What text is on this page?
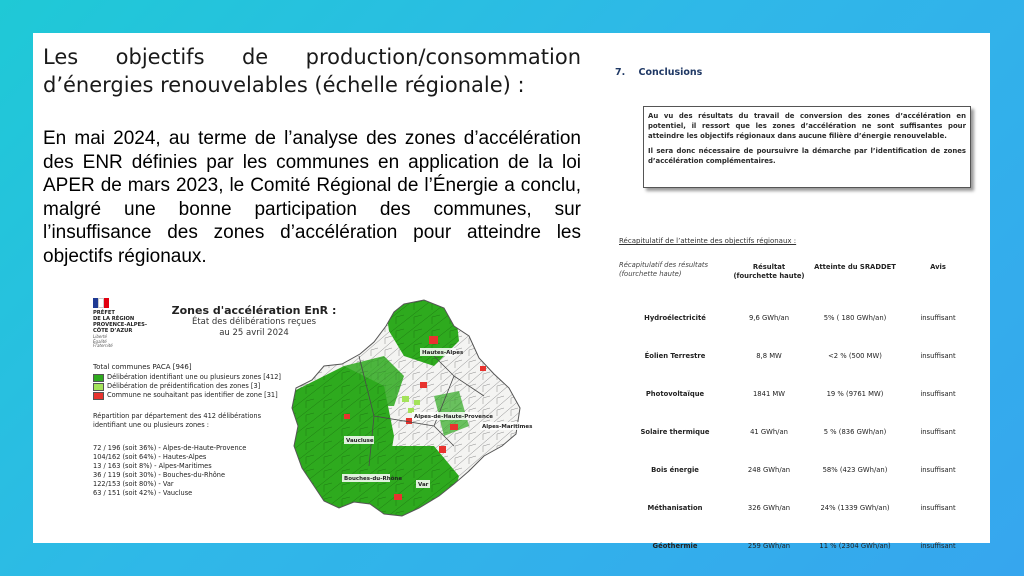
Les objectifs de production/consommation d’énergies renouvelables (échelle régionale) :
En mai 2024, au terme de l’analyse des zones d’accélération des ENR définies par les communes en application de la loi APER de mars 2023, le Comité Régional de l’Énergie a conclu, malgré une bonne participation des communes, sur l’insuffisance des zones d’accélération pour atteindre les objectifs régionaux.
PRÉFET
DE LA RÉGION
PROVENCE-ALPES-
CÔTE D’AZUR
Liberté
Égalité
Fraternité
Zones d'accélération EnR :
État des délibérations reçues
au 25 avril 2024
Total communes PACA [946]
Délibération identifiant une ou plusieurs zones [412]
Délibération de préidentification des zones [3]
Commune ne souhaitant pas identifier de zone [31]
Répartition par département des 412 délibérations identifiant une ou plusieurs zones :
72 / 196 (soit 36%) - Alpes-de-Haute-Provence
104/162 (soit 64%) - Hautes-Alpes
13 / 163 (soit 8%) - Alpes-Maritimes
36 / 119 (soit 30%) - Bouches-du-Rhône
122/153 (soit 80%) - Var
63 / 151 (soit 42%) - Vaucluse
Hautes-Alpes
Alpes-de-Haute-Provence
Alpes-Maritimes
Vaucluse
Bouches-du-Rhône
Var
7. Conclusions

Au vu des résultats du travail de conversion des zones d’accélération en potentiel, il ressort que les zones d’accélération ne sont suffisantes pour atteindre les objectifs régionaux dans aucune filière d’énergie renouvelable.

Il sera donc nécessaire de poursuivre la démarche par l’identification de zones d’accélération complémentaires.

Récapitulatif de l’atteinte des objectifs régionaux :
Récapitulatif des résultats (fourchette haute)
Résultat (fourchette haute)
Atteinte du SRADDET	Avis
Hydroélectricité	9,6 GWh/an	5% ( 180 GWh/an)	insuffisant
Éolien Terrestre	8,8 MW	<2 % (500 MW)	insuffisant
Photovoltaïque	1841 MW	19 % (9761 MW)	insuffisant
Solaire thermique	41 GWh/an	5 % (836 GWh/an)	insuffisant
Bois énergie	248 GWh/an	58% (423 GWh/an)	insuffisant
Méthanisation	326 GWh/an	24% (1339 GWh/an)	insuffisant
Géothermie	259 GWh/an	11 % (2304 GWh/an)	insuffisant
